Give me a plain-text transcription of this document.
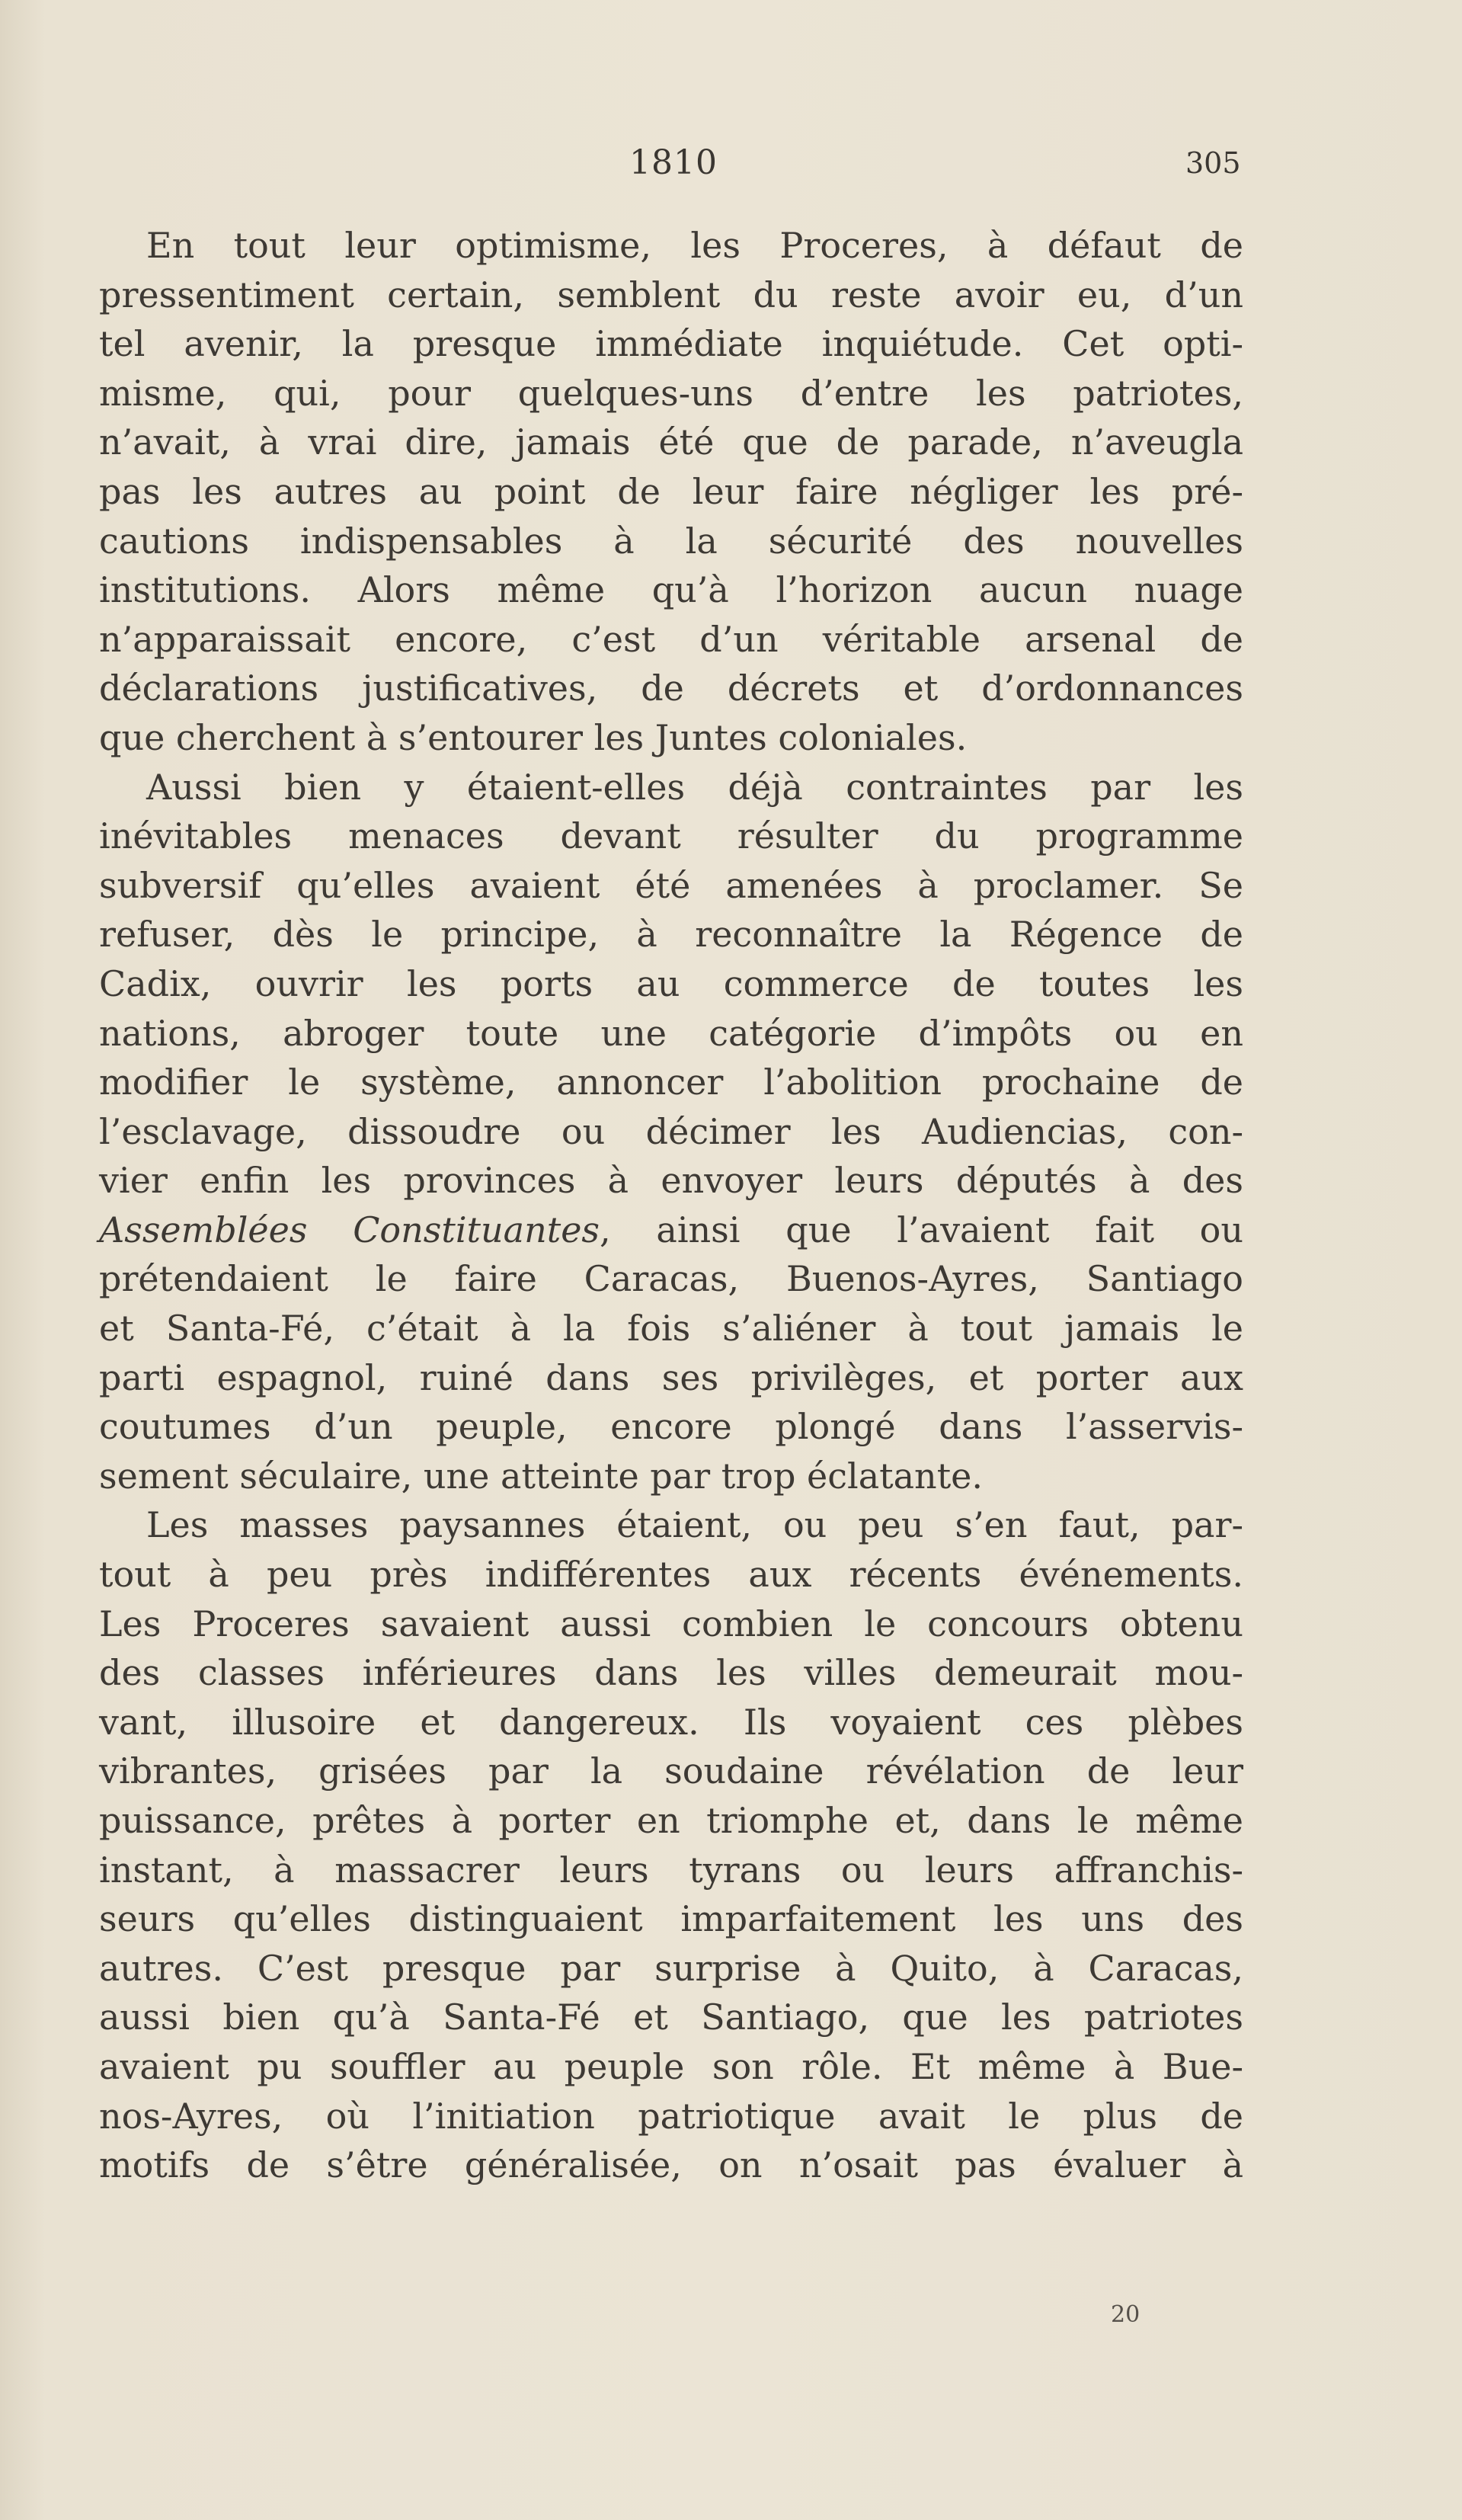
1810	305
En tout leur optimisme, les Proceres, à défaut de
pressentiment certain, semblent du reste avoir eu, d’un
tel avenir, la presque immédiate inquiétude. Cet opti-
misme, qui, pour quelques-uns d’entre les patriotes,
n’avait, à vrai dire, jamais été que de parade, n’aveugla
pas les autres au point de leur faire négliger les pré-
cautions indispensables à la sécurité des nouvelles
institutions. Alors même qu’à l’horizon aucun nuage
n’apparaissait encore, c’est d’un véritable arsenal de
déclarations justificatives, de décrets et d’ordonnances
que cherchent à s’entourer les Juntes coloniales.
Aussi bien y étaient-elles déjà contraintes par les
inévitables menaces devant résulter du programme
subversif qu’elles avaient été amenées à proclamer. Se
refuser, dès le principe, à reconnaître la Régence de
Cadix, ouvrir les ports au commerce de toutes les
nations, abroger toute une catégorie d’impôts ou en
modifier le système, annoncer l’abolition prochaine de
l’esclavage, dissoudre ou décimer les Audiencias, con-
vier enfin les provinces à envoyer leurs députés à des
Assemblées Constituantes, ainsi que l’avaient fait ou
prétendaient le faire Caracas, Buenos-Ayres, Santiago
et Santa-Fé, c’était à la fois s’aliéner à tout jamais le
parti espagnol, ruiné dans ses privilèges, et porter aux
coutumes d’un peuple, encore plongé dans l’asservis-
sement séculaire, une atteinte par trop éclatante.
Les masses paysannes étaient, ou peu s’en faut, par-
tout à peu près indifférentes aux récents événements.
Les Proceres savaient aussi combien le concours obtenu
des classes inférieures dans les villes demeurait mou-
vant, illusoire et dangereux. Ils voyaient ces plèbes
vibrantes, grisées par la soudaine révélation de leur
puissance, prêtes à porter en triomphe et, dans le même
instant, à massacrer leurs tyrans ou leurs affranchis-
seurs qu’elles distinguaient imparfaitement les uns des
autres. C’est presque par surprise à Quito, à Caracas,
aussi bien qu’à Santa-Fé et Santiago, que les patriotes
avaient pu souffler au peuple son rôle. Et même à Bue-
nos-Ayres, où l’initiation patriotique avait le plus de
motifs de s’être généralisée, on n’osait pas évaluer à
20
